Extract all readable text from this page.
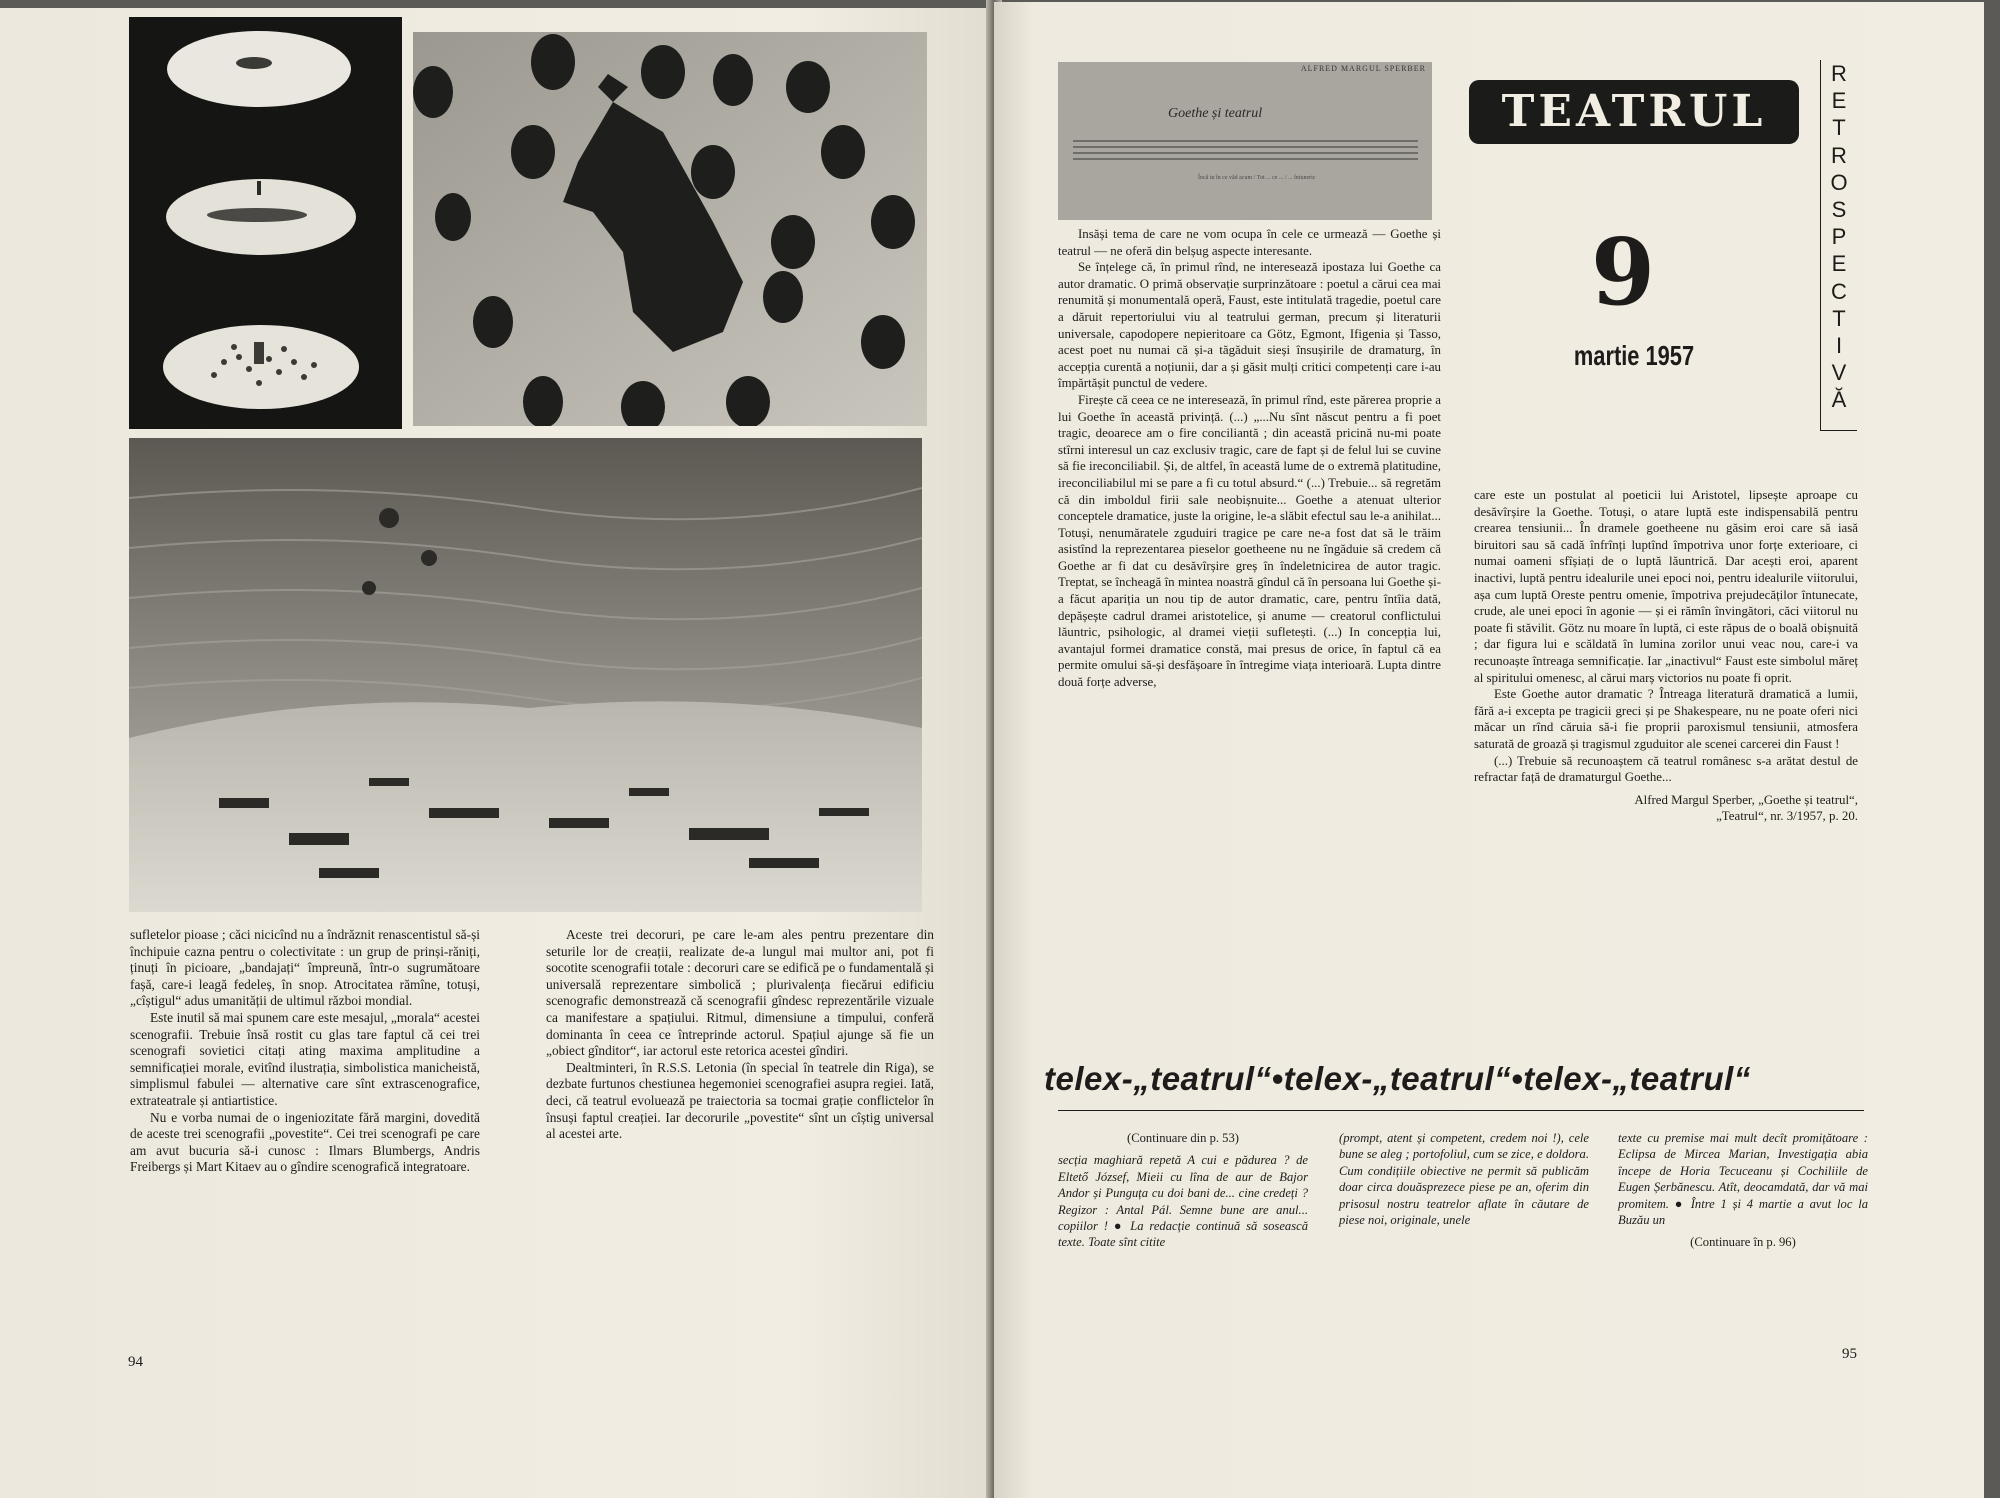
sufletelor pioase ; căci nicicînd nu a îndrăznit renascentistul să-și închipuie cazna pentru o colectivitate : un grup de prinși-răniți, ținuți în picioare, „bandajați“ împreună, într-o sugrumătoare fașă, care-i leagă fedeleș, în snop. Atrocitatea rămîne, totuși, „cîștigul“ adus umanității de ultimul război mondial.

Este inutil să mai spunem care este mesajul, „morala“ acestei scenografii. Trebuie însă rostit cu glas tare faptul că cei trei scenografi sovietici citați ating maxima amplitudine a semnificației morale, evitînd ilustrația, simbolistica manicheistă, simplismul fabulei — alternative care sînt extrascenografice, extrateatrale și antiartistice.

Nu e vorba numai de o ingeniozitate fără margini, dovedită de aceste trei scenografii „povestite“. Cei trei scenografi pe care am avut bucuria să-i cunosc : Ilmars Blumbergs, Andris Freibergs și Mart Kitaev au o gîndire scenografică integratoare.

Aceste trei decoruri, pe care le-am ales pentru prezentare din seturile lor de creații, realizate de-a lungul mai multor ani, pot fi socotite scenografii totale : decoruri care se edifică pe o fundamentală și universală reprezentare simbolică ; plurivalența fiecărui edificiu scenografic demonstrează că scenografii gîndesc reprezentările vizuale ca manifestare a spațiului. Ritmul, dimensiune a timpului, conferă dominanta în ceea ce întreprinde actorul. Spațiul ajunge să fie un „obiect gînditor“, iar actorul este retorica acestei gîndiri.

Dealtminteri, în R.S.S. Letonia (în special în teatrele din Riga), se dezbate furtunos chestiunea hegemoniei scenografiei asupra regiei. Iată, deci, că teatrul evoluează pe traiectoria sa tocmai grație conflictelor în însuși faptul creației. Iar decorurile „povestite“ sînt un cîștig universal al acestei arte.

94
ALFRED MARGUL SPERBER
Goethe și teatrul
Încă tu în ce văd acum / Tot ... ce ... / ... întuneric
TEATRUL
R
E
T
R
O
S
P
E
C
T
I
V
Ă
9
martie 1957

Insăși tema de care ne vom ocupa în cele ce urmează — Goethe și teatrul — ne oferă din belșug aspecte interesante.

Se înțelege că, în primul rînd, ne interesează ipostaza lui Goethe ca autor dramatic. O primă observație surprinzătoare : poetul a cărui cea mai renumită și monumentală operă, Faust, este intitulată tragedie, poetul care a dăruit repertoriului viu al teatrului german, precum și literaturii universale, capodopere nepieritoare ca Götz, Egmont, Ifigenia și Tasso, acest poet nu numai că și-a tăgăduit sieși însușirile de dramaturg, în accepția curentă a noțiunii, dar a și găsit mulți critici competenți care i-au împărtășit punctul de vedere.

Firește că ceea ce ne interesează, în primul rînd, este părerea proprie a lui Goethe în această privință. (...) „...Nu sînt născut pentru a fi poet tragic, deoarece am o fire conciliantă ; din această pricină nu-mi poate stîrni interesul un caz exclusiv tragic, care de fapt și de felul lui se cuvine să fie ireconciliabil. Și, de altfel, în această lume de o extremă platitudine, ireconciliabilul mi se pare a fi cu totul absurd.“ (...) Trebuie... să regretăm că din imboldul firii sale neobișnuite... Goethe a atenuat ulterior conceptele dramatice, juste la origine, le-a slăbit efectul sau le-a anihilat... Totuși, nenumăratele zguduiri tragice pe care ne-a fost dat să le trăim asistînd la reprezentarea pieselor goetheene nu ne îngăduie să credem că Goethe ar fi dat cu desăvîrșire greș în îndeletnicirea de autor tragic. Treptat, se încheagă în mintea noastră gîndul că în persoana lui Goethe și-a făcut apariția un nou tip de autor dramatic, care, pentru întîia dată, depășește cadrul dramei aristotelice, și anume — creatorul conflictului lăuntric, psihologic, al dramei vieții sufletești. (...) In concepția lui, avantajul formei dramatice constă, mai presus de orice, în faptul că ea permite omului să-și desfășoare în întregime viața interioară. Lupta dintre două forțe adverse,

care este un postulat al poeticii lui Aristotel, lipsește aproape cu desăvîrșire la Goethe. Totuși, o atare luptă este indispensabilă pentru crearea tensiunii... În dramele goetheene nu găsim eroi care să iasă biruitori sau să cadă înfrînți luptînd împotriva unor forțe exterioare, ci numai oameni sfîșiați de o luptă lăuntrică. Dar acești eroi, aparent inactivi, luptă pentru idealurile unei epoci noi, pentru idealurile viitorului, așa cum luptă Oreste pentru omenie, împotriva prejudecăților întunecate, crude, ale unei epoci în agonie — și ei rămîn învingători, căci viitorul nu poate fi stăvilit. Götz nu moare în luptă, ci este răpus de o boală obișnuită ; dar figura lui e scăldată în lumina zorilor unui veac nou, care-i va recunoaște întreaga semnificație. Iar „inactivul“ Faust este simbolul măreț al spiritului omenesc, al cărui marș victorios nu poate fi oprit.

Este Goethe autor dramatic ? Întreaga literatură dramatică a lumii, fără a-i excepta pe tragicii greci și pe Shakespeare, nu ne poate oferi nici măcar un rînd căruia să-i fie proprii paroxismul tensiunii, atmosfera saturată de groază și tragismul zguduitor ale scenei carcerei din Faust !

(...) Trebuie să recunoaștem că teatrul românesc s-a arătat destul de refractar față de dramaturgul Goethe...

Alfred Margul Sperber, „Goethe și teatrul“,
„Teatrul“, nr. 3/1957, p. 20.
telex-„teatrul“•telex-„teatrul“•telex-„teatrul“
(Continuare din p. 53)
secția maghiară repetă A cui e pădurea ? de Eltető József, Mieii cu lîna de aur de Bajor Andor și Punguța cu doi bani de... cine credeți ? Regizor : Antal Pál. Semne bune are anul... copiilor ! ● La redacție continuă să sosească texte. Toate sînt citite
(prompt, atent și competent, credem noi !), cele bune se aleg ; portofoliul, cum se zice, e doldora. Cum condițiile obiective ne permit să publicăm doar circa douăsprezece piese pe an, oferim din prisosul nostru teatrelor aflate în căutare de piese noi, originale, unele
texte cu premise mai mult decît promițătoare : Eclipsa de Mircea Marian, Investigația abia începe de Horia Tecuceanu și Cochiliile de Eugen Șerbănescu. Atît, deocamdată, dar vă mai promitem. ● Între 1 și 4 martie a avut loc la Buzău un
(Continuare în p. 96)
95
